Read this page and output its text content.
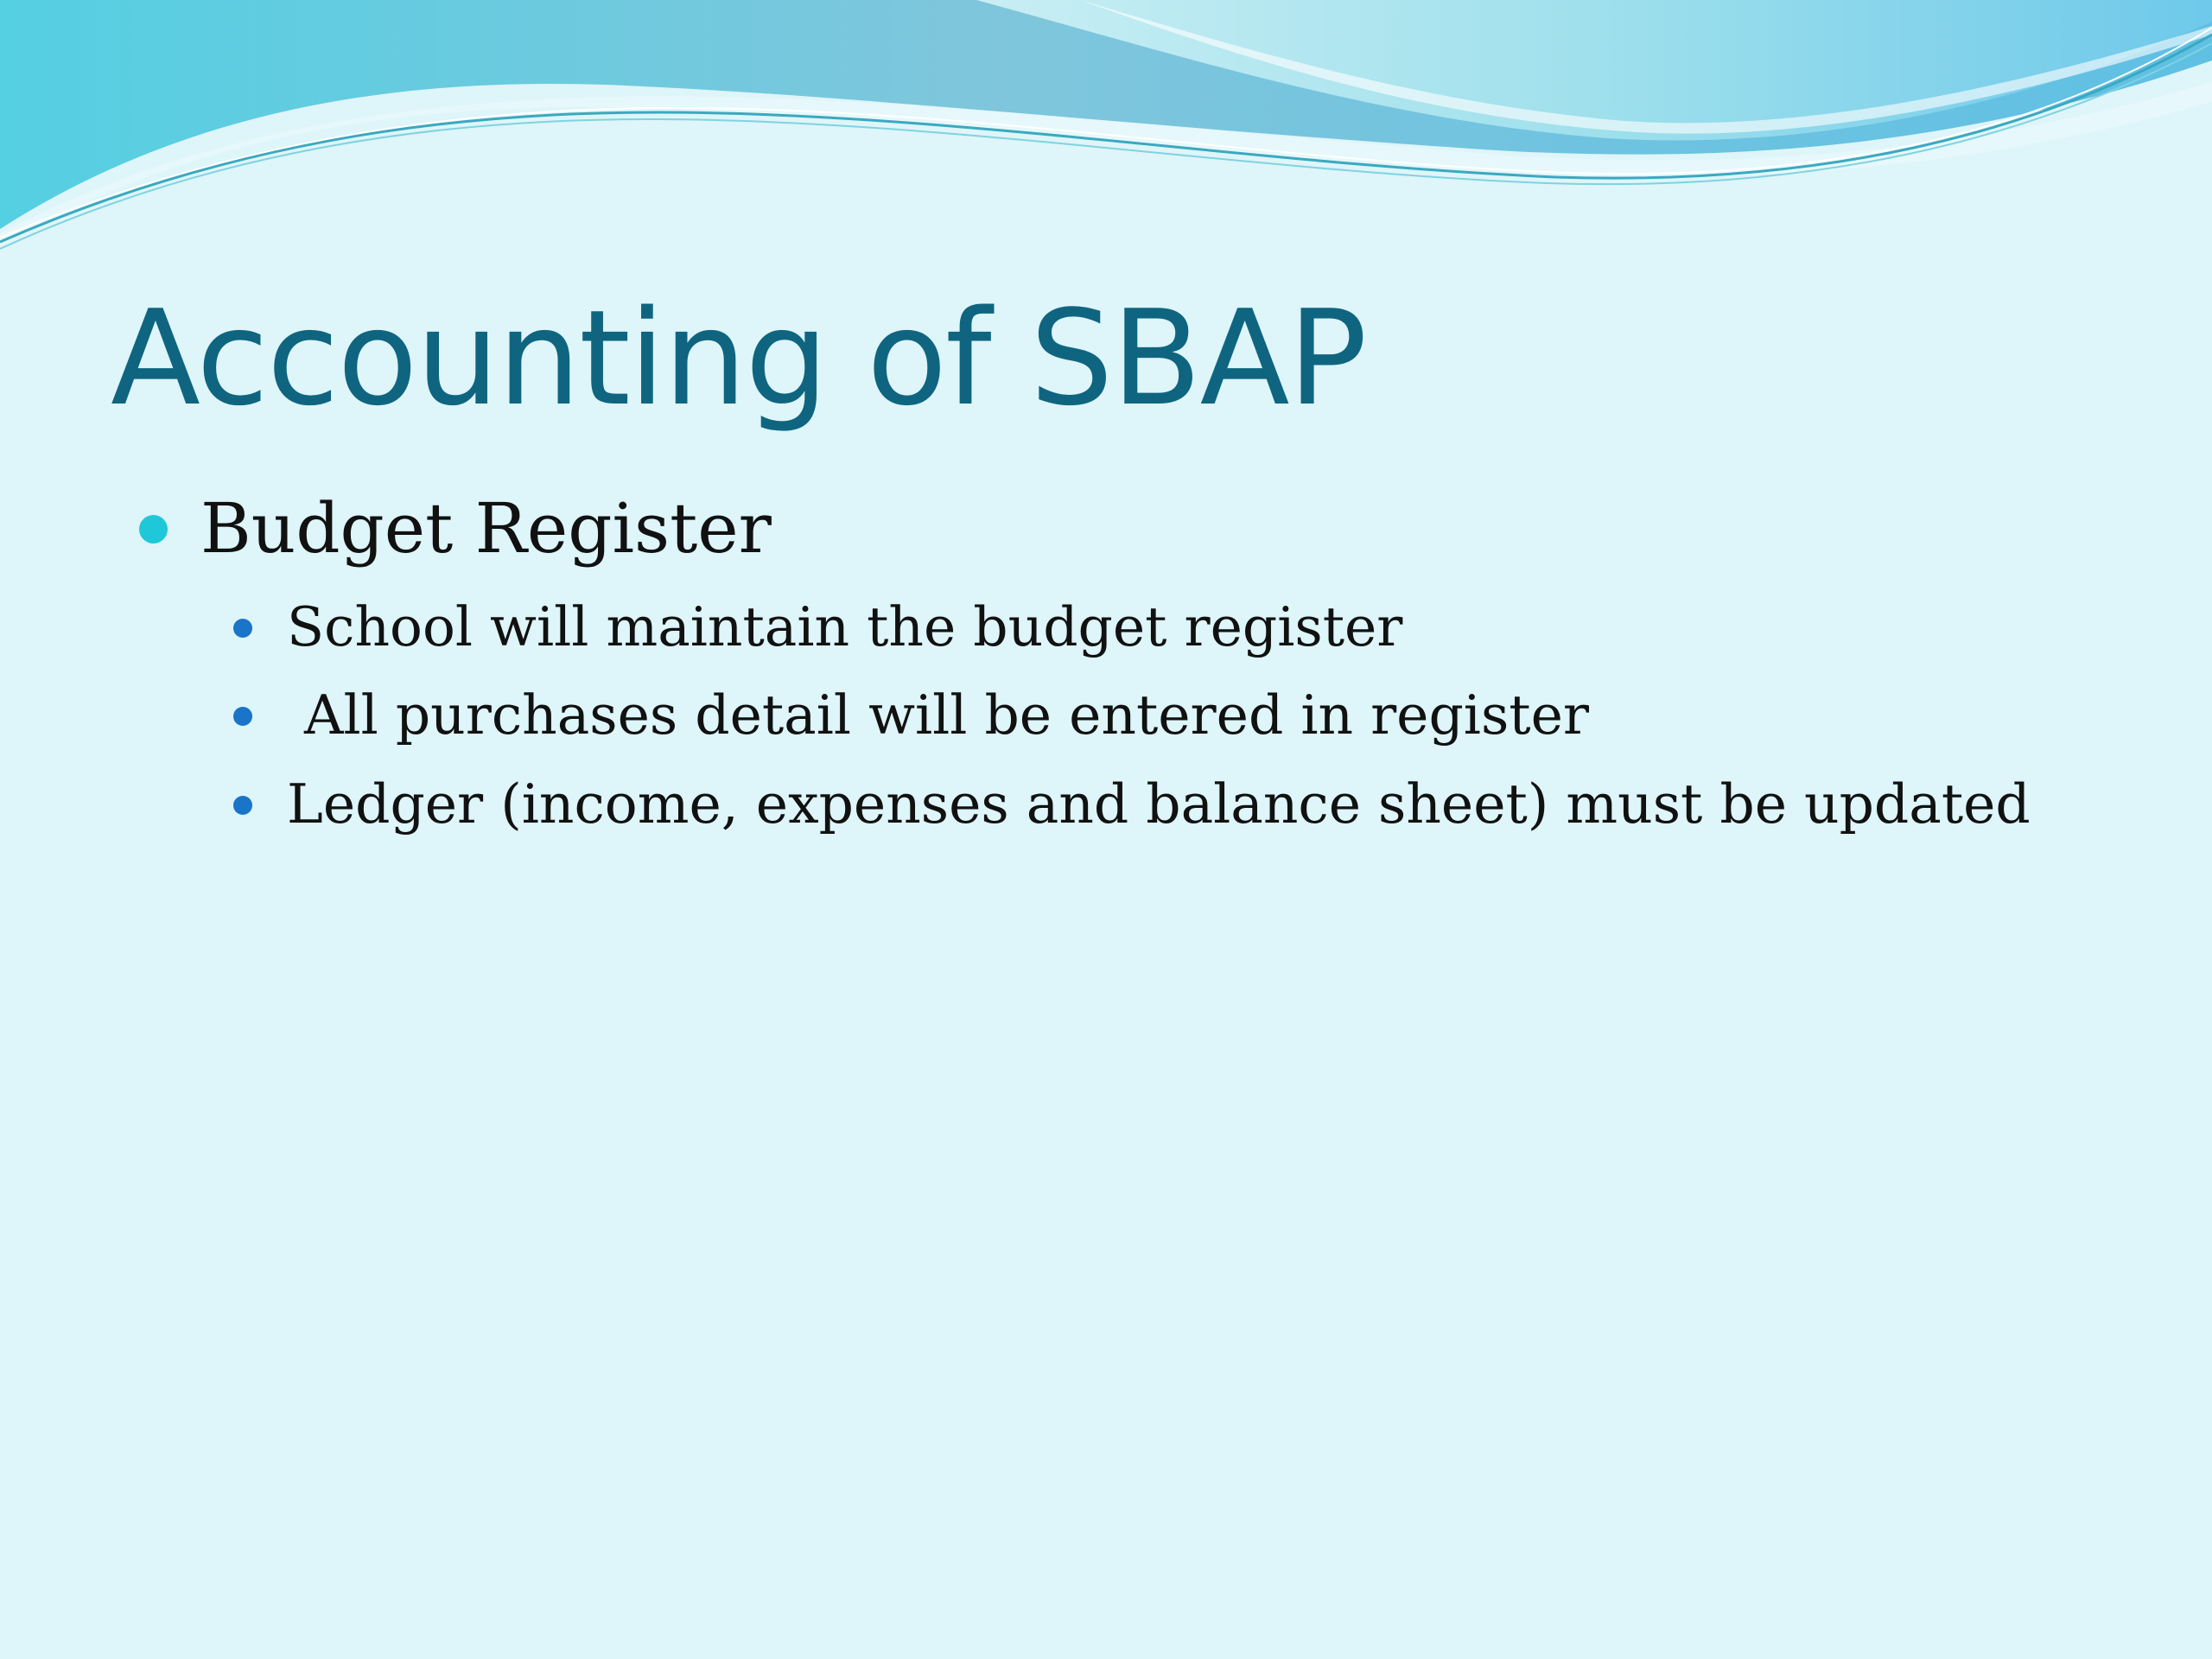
Accounting of SBAP

Budget Register

School will maintain the budget register

All purchases detail will be entered in register

Ledger (income, expenses and balance sheet) must be updated
